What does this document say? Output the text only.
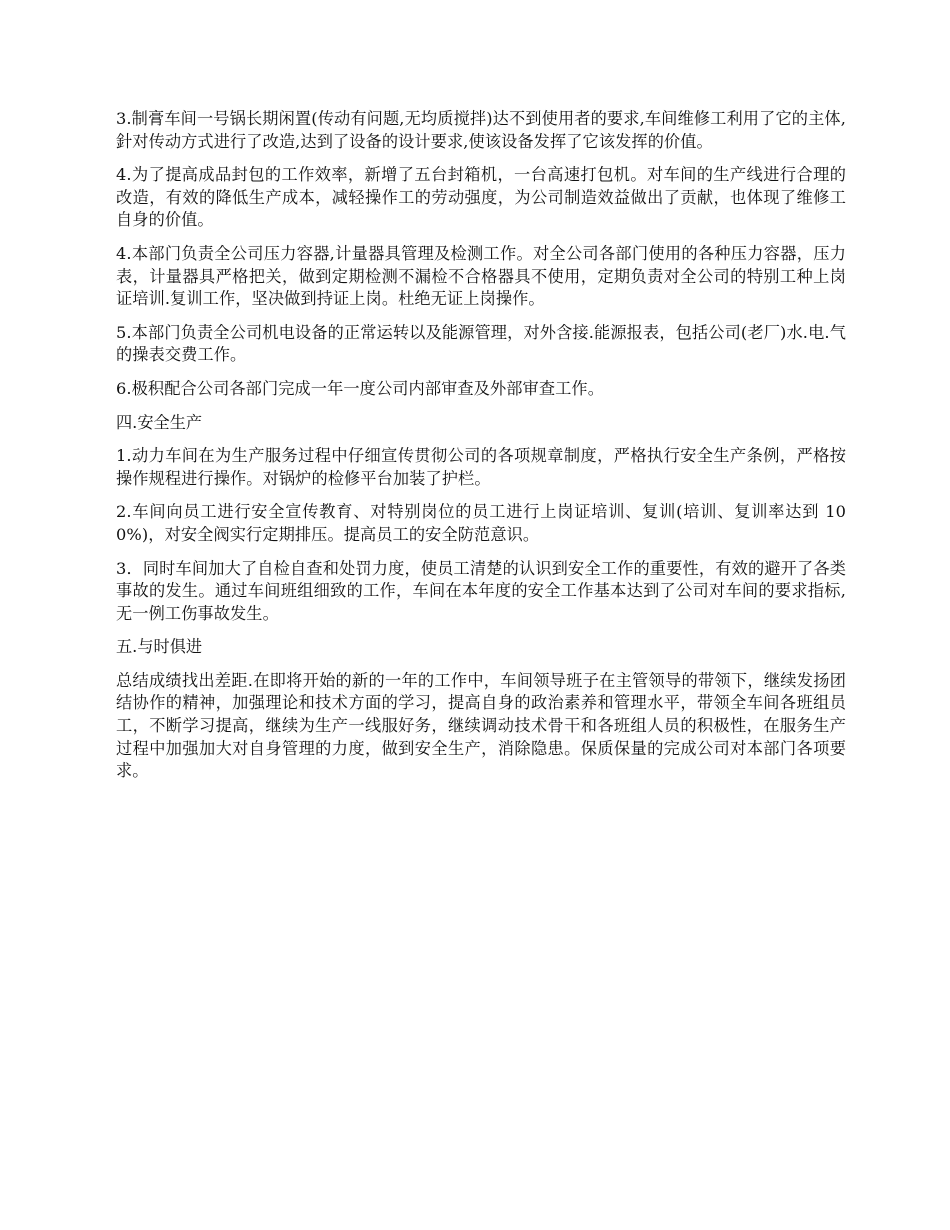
3.制膏车间一号锅长期闲置(传动有问题,无均质搅拌)达不到使用者的要求,车间维修工利用了它的主体,針对传动方式进行了改造,达到了设备的设计要求,使该设备发挥了它该发挥的价值。

4.为了提高成品封包的工作效率，新增了五台封箱机，一台高速打包机。对车间的生产线进行合理的改造，有效的降低生产成本，减轻操作工的劳动强度，为公司制造效益做出了贡献，也体现了维修工自身的价值。

4.本部门负责全公司压力容器,计量器具管理及检测工作。对全公司各部门使用的各种压力容器，压力表，计量器具严格把关，做到定期检测不漏检不合格器具不使用，定期负责对全公司的特别工种上岗证培训.复训工作，坚决做到持证上岗。杜绝无证上岗操作。

5.本部门负责全公司机电设备的正常运转以及能源管理，对外含接.能源报表，包括公司(老厂)水.电.气的操表交费工作。

6.极积配合公司各部门完成一年一度公司内部审查及外部审查工作。

四.安全生产

1.动力车间在为生产服务过程中仔细宣传贯彻公司的各项规章制度，严格执行安全生产条例，严格按操作规程进行操作。对锅炉的检修平台加装了护栏。

2.车间向员工进行安全宣传教育、对特别岗位的员工进行上岗证培训、复训(培训、复训率达到 100%)，对安全阀实行定期排压。提高员工的安全防范意识。

3．同时车间加大了自检自查和处罚力度，使员工清楚的认识到安全工作的重要性，有效的避开了各类事故的发生。通过车间班组细致的工作，车间在本年度的安全工作基本达到了公司对车间的要求指标,无一例工伤事故发生。

五.与时俱进

总结成绩找出差距.在即将开始的新的一年的工作中，车间领导班子在主管领导的带领下，继续发扬团结协作的精神，加强理论和技术方面的学习，提高自身的政治素养和管理水平，带领全车间各班组员工，不断学习提高，继续为生产一线服好务，继续调动技术骨干和各班组人员的积极性，在服务生产过程中加强加大对自身管理的力度，做到安全生产，消除隐患。保质保量的完成公司对本部门各项要求。
